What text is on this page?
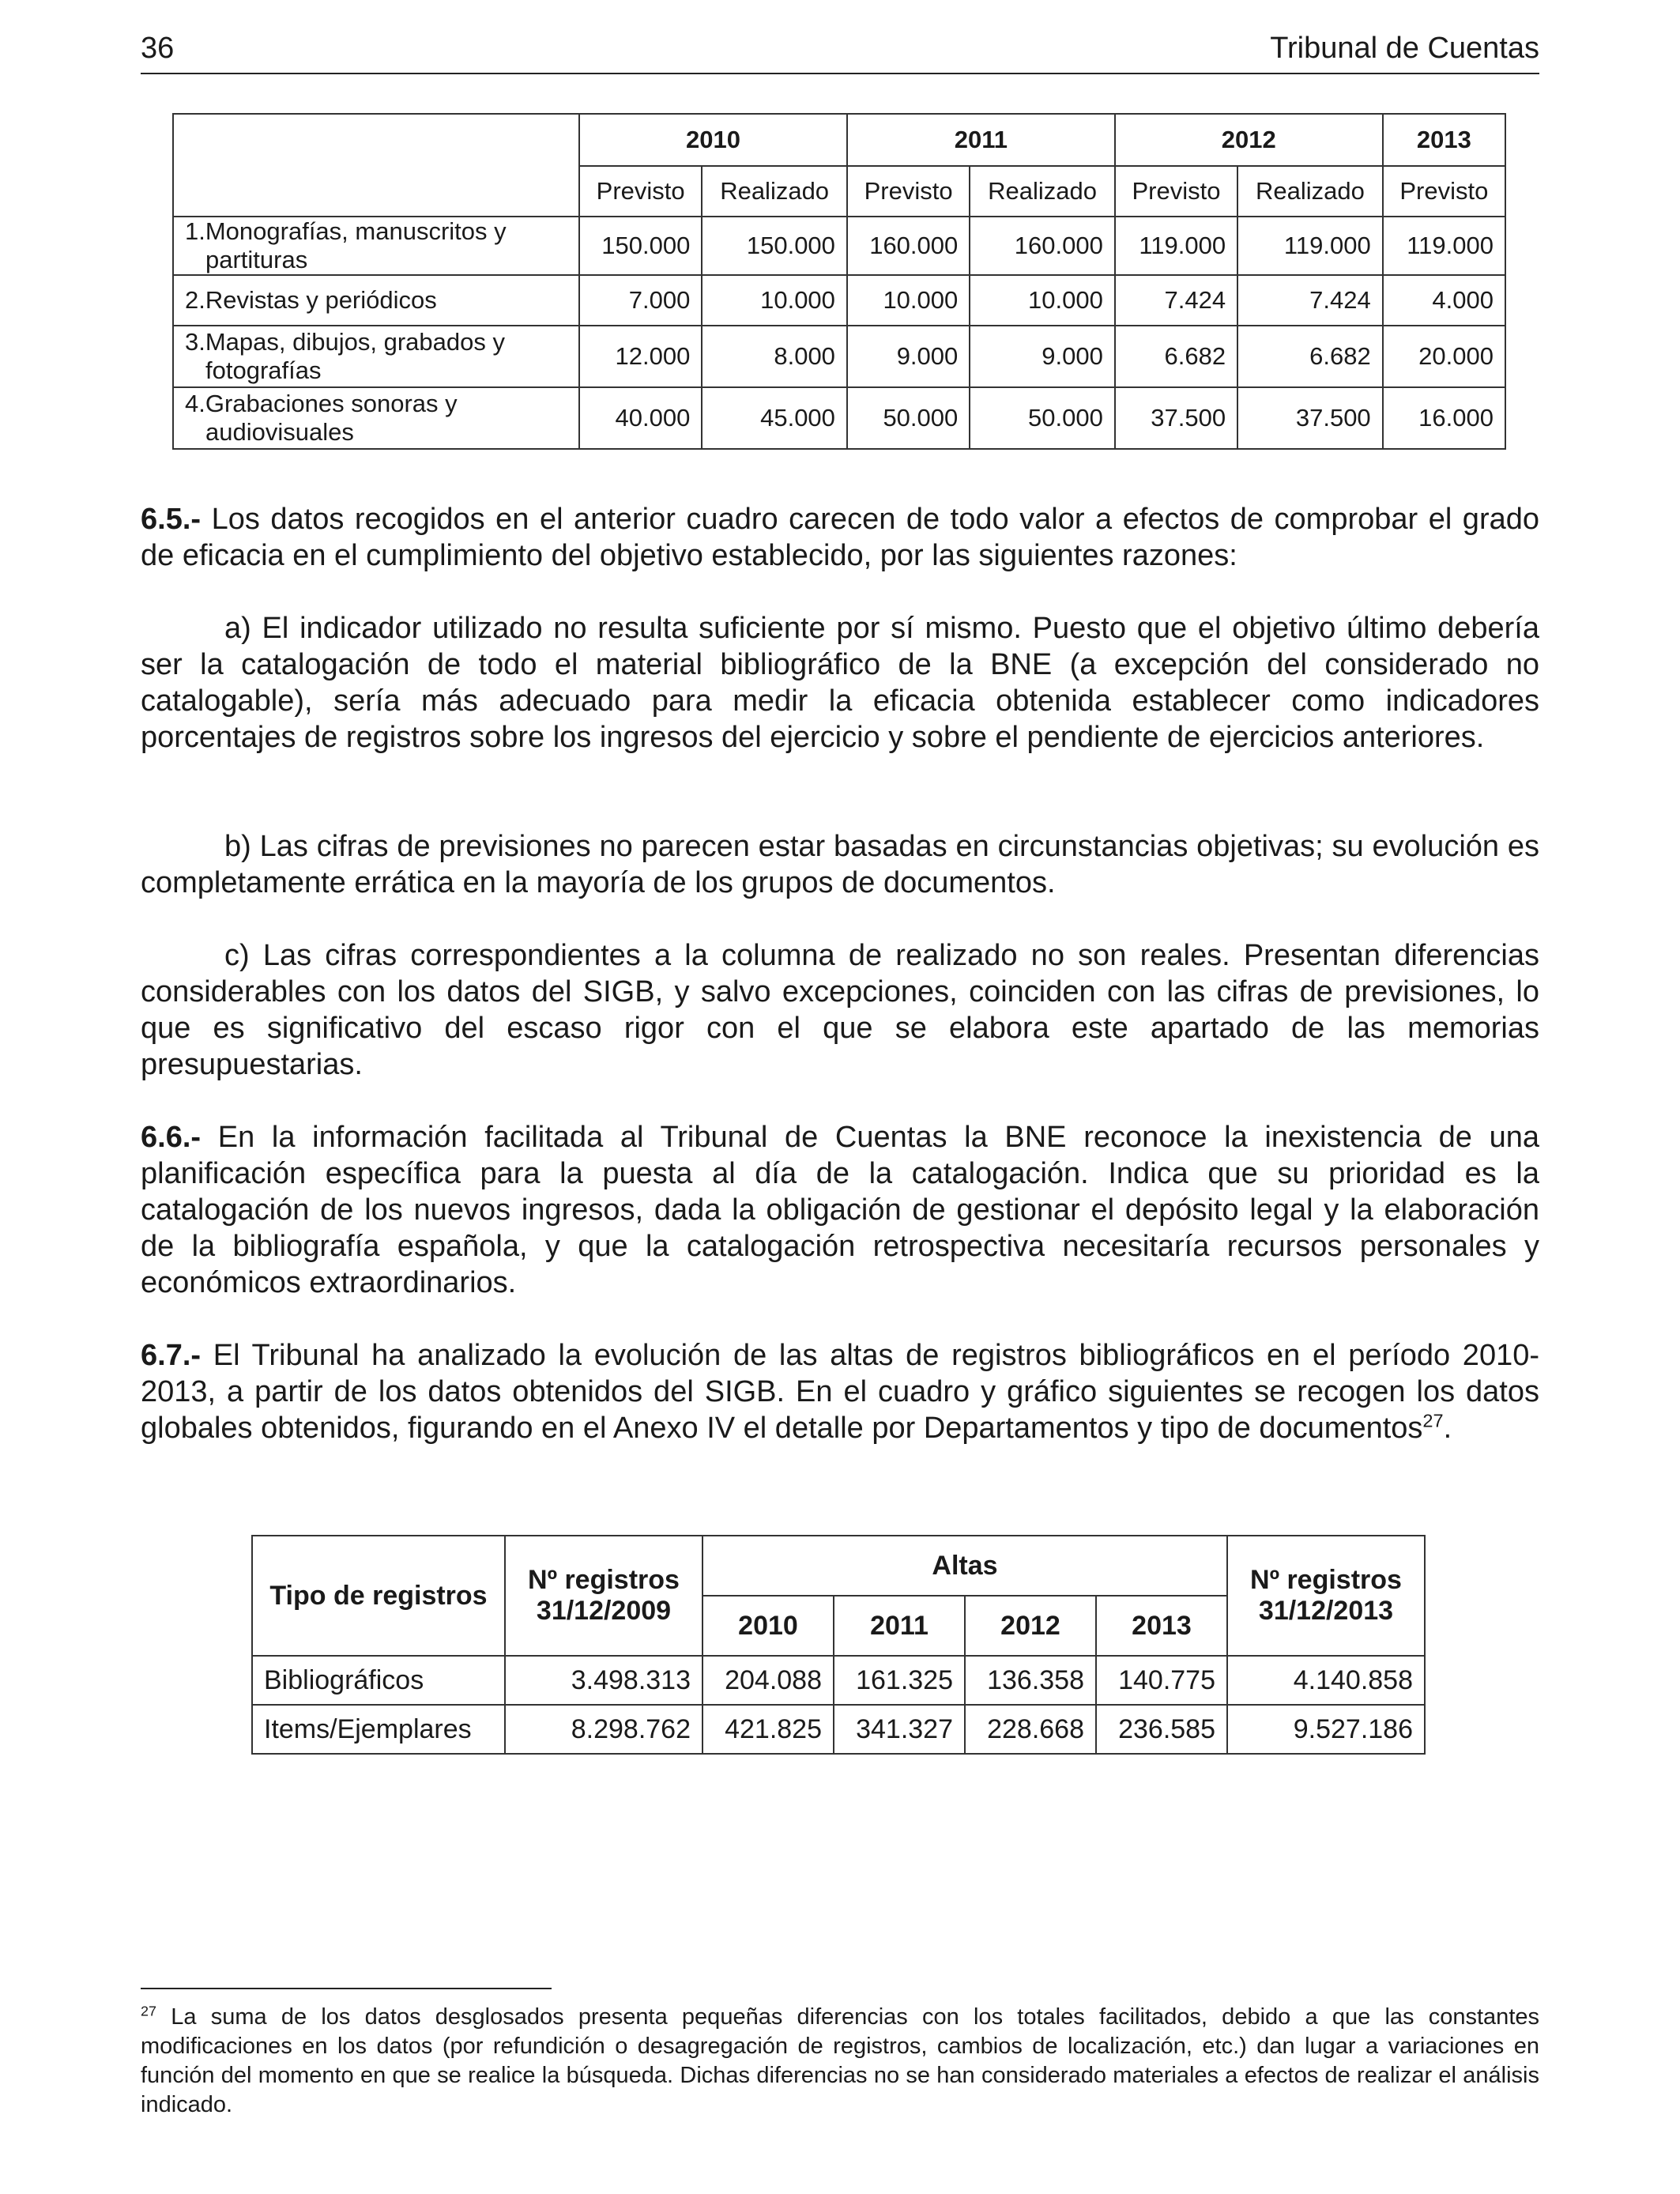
36	Tribunal de Cuentas
	2010		2011		2012		2013
	Previsto	Realizado	Previsto	Realizado	Previsto	Realizado	Previsto
1.Monografías, manuscritos y
partituras	150.000	150.000	160.000	160.000	119.000	119.000	119.000
2.Revistas y periódicos	7.000	10.000	10.000	10.000	7.424	7.424	4.000
3.Mapas, dibujos, grabados y
fotografías	12.000	8.000	9.000	9.000	6.682	6.682	20.000
4.Grabaciones sonoras y
audiovisuales	40.000	45.000	50.000	50.000	37.500	37.500	16.000
6.5.- Los datos recogidos en el anterior cuadro carecen de todo valor a efectos de comprobar el grado de eficacia en el cumplimiento del objetivo establecido, por las siguientes razones:
a) El indicador utilizado no resulta suficiente por sí mismo. Puesto que el objetivo último debería ser la catalogación de todo el material bibliográfico de la BNE (a excepción del considerado no catalogable), sería más adecuado para medir la eficacia obtenida establecer como indicadores porcentajes de registros sobre los ingresos del ejercicio y sobre el pendiente de ejercicios anteriores.
b) Las cifras de previsiones no parecen estar basadas en circunstancias objetivas; su evolución es completamente errática en la mayoría de los grupos de documentos.
c) Las cifras correspondientes a la columna de realizado no son reales. Presentan diferencias considerables con los datos del SIGB, y salvo excepciones, coinciden con las cifras de previsiones, lo que es significativo del escaso rigor con el que se elabora este apartado de las memorias presupuestarias.
6.6.- En la información facilitada al Tribunal de Cuentas la BNE reconoce la inexistencia de una planificación específica para la puesta al día de la catalogación. Indica que su prioridad es la catalogación de los nuevos ingresos, dada la obligación de gestionar el depósito legal y la elaboración de la bibliografía española, y que la catalogación retrospectiva necesitaría recursos personales y económicos extraordinarios.
6.7.- El Tribunal ha analizado la evolución de las altas de registros bibliográficos en el período 2010-2013, a partir de los datos obtenidos del SIGB. En el cuadro y gráfico siguientes se recogen los datos globales obtenidos, figurando en el Anexo IV el detalle por Departamentos y tipo de documentos$^{27}$.
Tipo de registros	Nº registros 31/12/2009	Altas				Nº registros 31/12/2013
		2010	2011	2012	2013	
Bibliográficos	3.498.313	204.088	161.325	136.358	140.775	4.140.858
Items/Ejemplares	8.298.762	421.825	341.327	228.668	236.585	9.527.186
$^{27}$ La suma de los datos desglosados presenta pequeñas diferencias con los totales facilitados, debido a que las constantes modificaciones en los datos (por refundición o desagregación de registros, cambios de localización, etc.) dan lugar a variaciones en función del momento en que se realice la búsqueda. Dichas diferencias no se han considerado materiales a efectos de realizar el análisis indicado.
